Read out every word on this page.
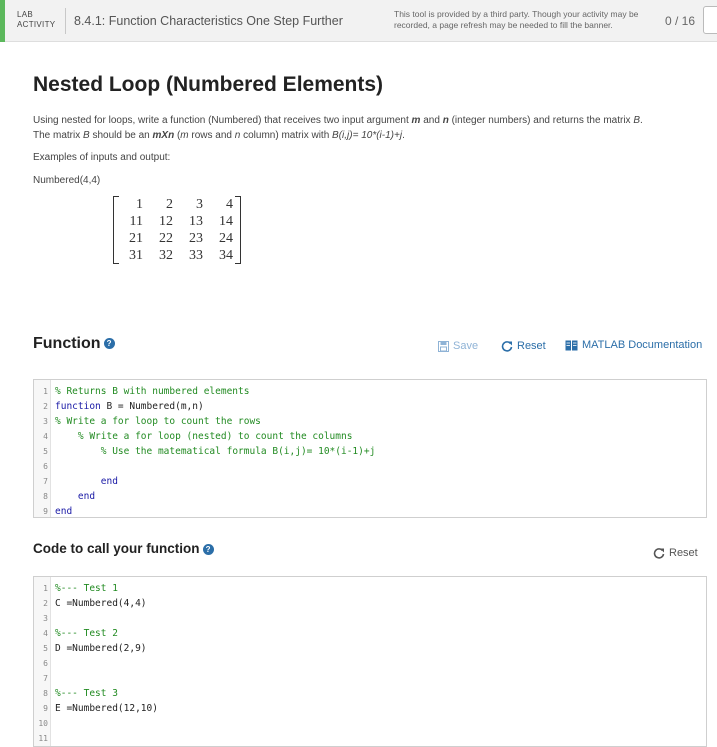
LAB
ACTIVITY 8.4.1: Function Characteristics One Step Further	This tool is provided by a third party. Though your activity may be recorded, a page refresh may be needed to fill the banner.	0 / 16
Nested Loop (Numbered Elements)
Using nested for loops, write a function (Numbered) that receives two input argument m and n (integer numbers) and returns the matrix B.
The matrix B should be an mXn (m rows and n column) matrix with B(i,j)= 10*(i-1)+j.
Examples of inputs and output:
Numbered(4,4)
1	2	3	4
11	12	13	14
21	22	23	24
31	32	33	34
Function ?	Save	Reset	MATLAB Documentation
1 % Returns B with numbered elements
2 function B = Numbered(m,n)
3 % Write a for loop to count the rows
4	% Write a for loop (nested) to count the columns
5	% Use the matematical formula B(i,j)= 10*(i-1)+j
6
7	end
8	end
9 end
Code to call your function ?	Reset
1 %--- Test 1
2 C =Numbered(4,4)
3
4 %--- Test 2
5 D =Numbered(2,9)
6
7
8 %--- Test 3
9 E =Numbered(12,10)
10
11
